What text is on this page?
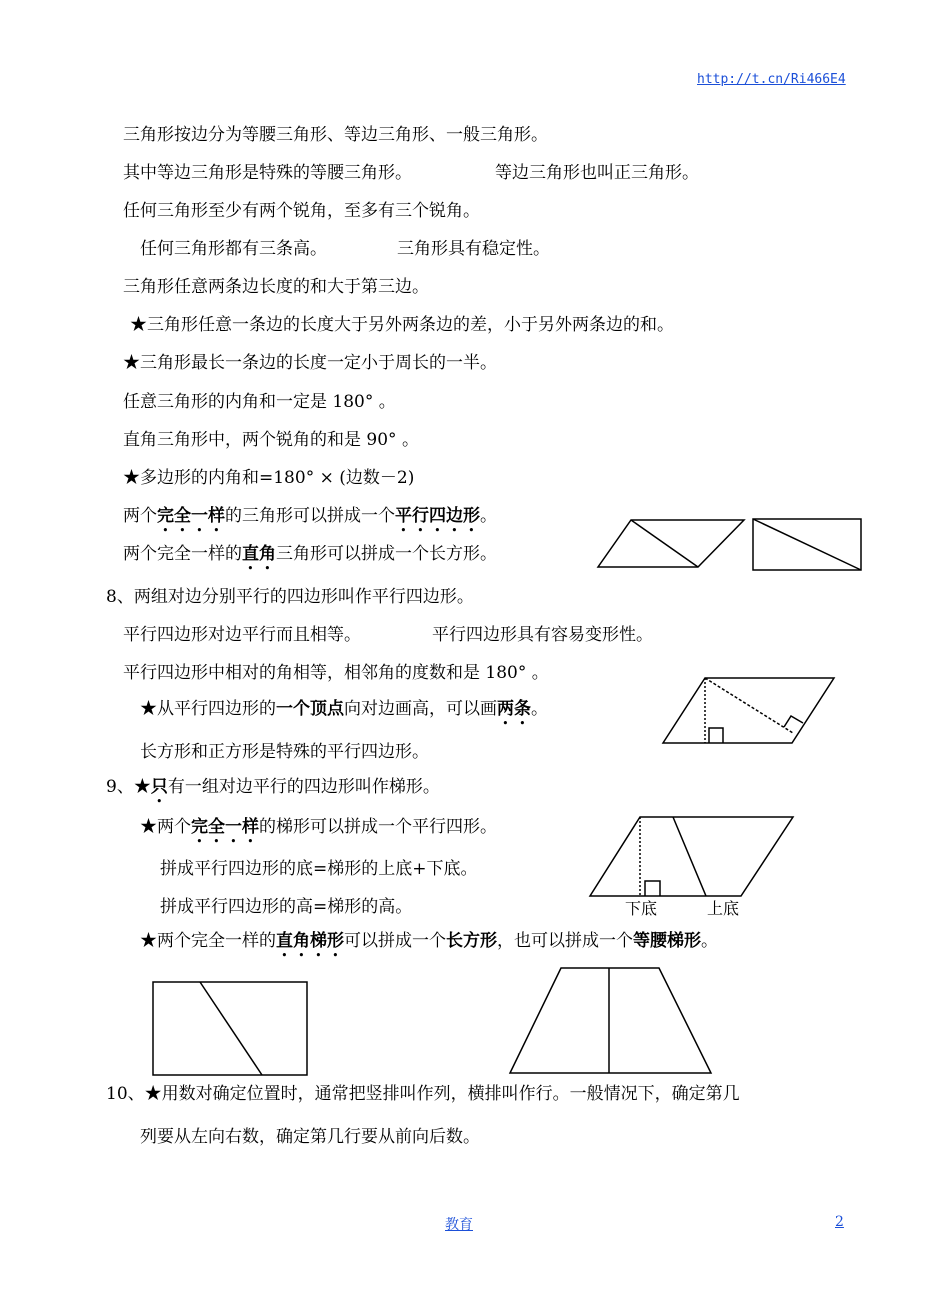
http://t.cn/Ri466E4
三角形按边分为等腰三角形、等边三角形、一般三角形。
其中等边三角形是特殊的等腰三角形。	等边三角形也叫正三角形。
任何三角形至少有两个锐角，至多有三个锐角。
任何三角形都有三条高。	三角形具有稳定性。
三角形任意两条边长度的和大于第三边。
★三角形任意一条边的长度大于另外两条边的差，小于另外两条边的和。
★三角形最长一条边的长度一定小于周长的一半。
任意三角形的内角和一定是 180° 。
直角三角形中，两个锐角的和是 90° 。
★多边形的内角和=180° × (边数－2)
两个完全一样的三角形可以拼成一个平行四边形。
两个完全一样的直角三角形可以拼成一个长方形。
8、两组对边分别平行的四边形叫作平行四边形。
平行四边形对边平行而且相等。	平行四边形具有容易变形性。
平行四边形中相对的角相等，相邻角的度数和是 180° 。
★从平行四边形的一个顶点向对边画高，可以画两条。
长方形和正方形是特殊的平行四边形。
9、★只有一组对边平行的四边形叫作梯形。
★两个完全一样的梯形可以拼成一个平行四形。
拼成平行四边形的底=梯形的上底+下底。
拼成平行四边形的高=梯形的高。	下底	上底
★两个完全一样的直角梯形可以拼成一个长方形，也可以拼成一个等腰梯形。
10、★用数对确定位置时，通常把竖排叫作列，横排叫作行。一般情况下，确定第几
列要从左向右数，确定第几行要从前向后数。
教育	2
